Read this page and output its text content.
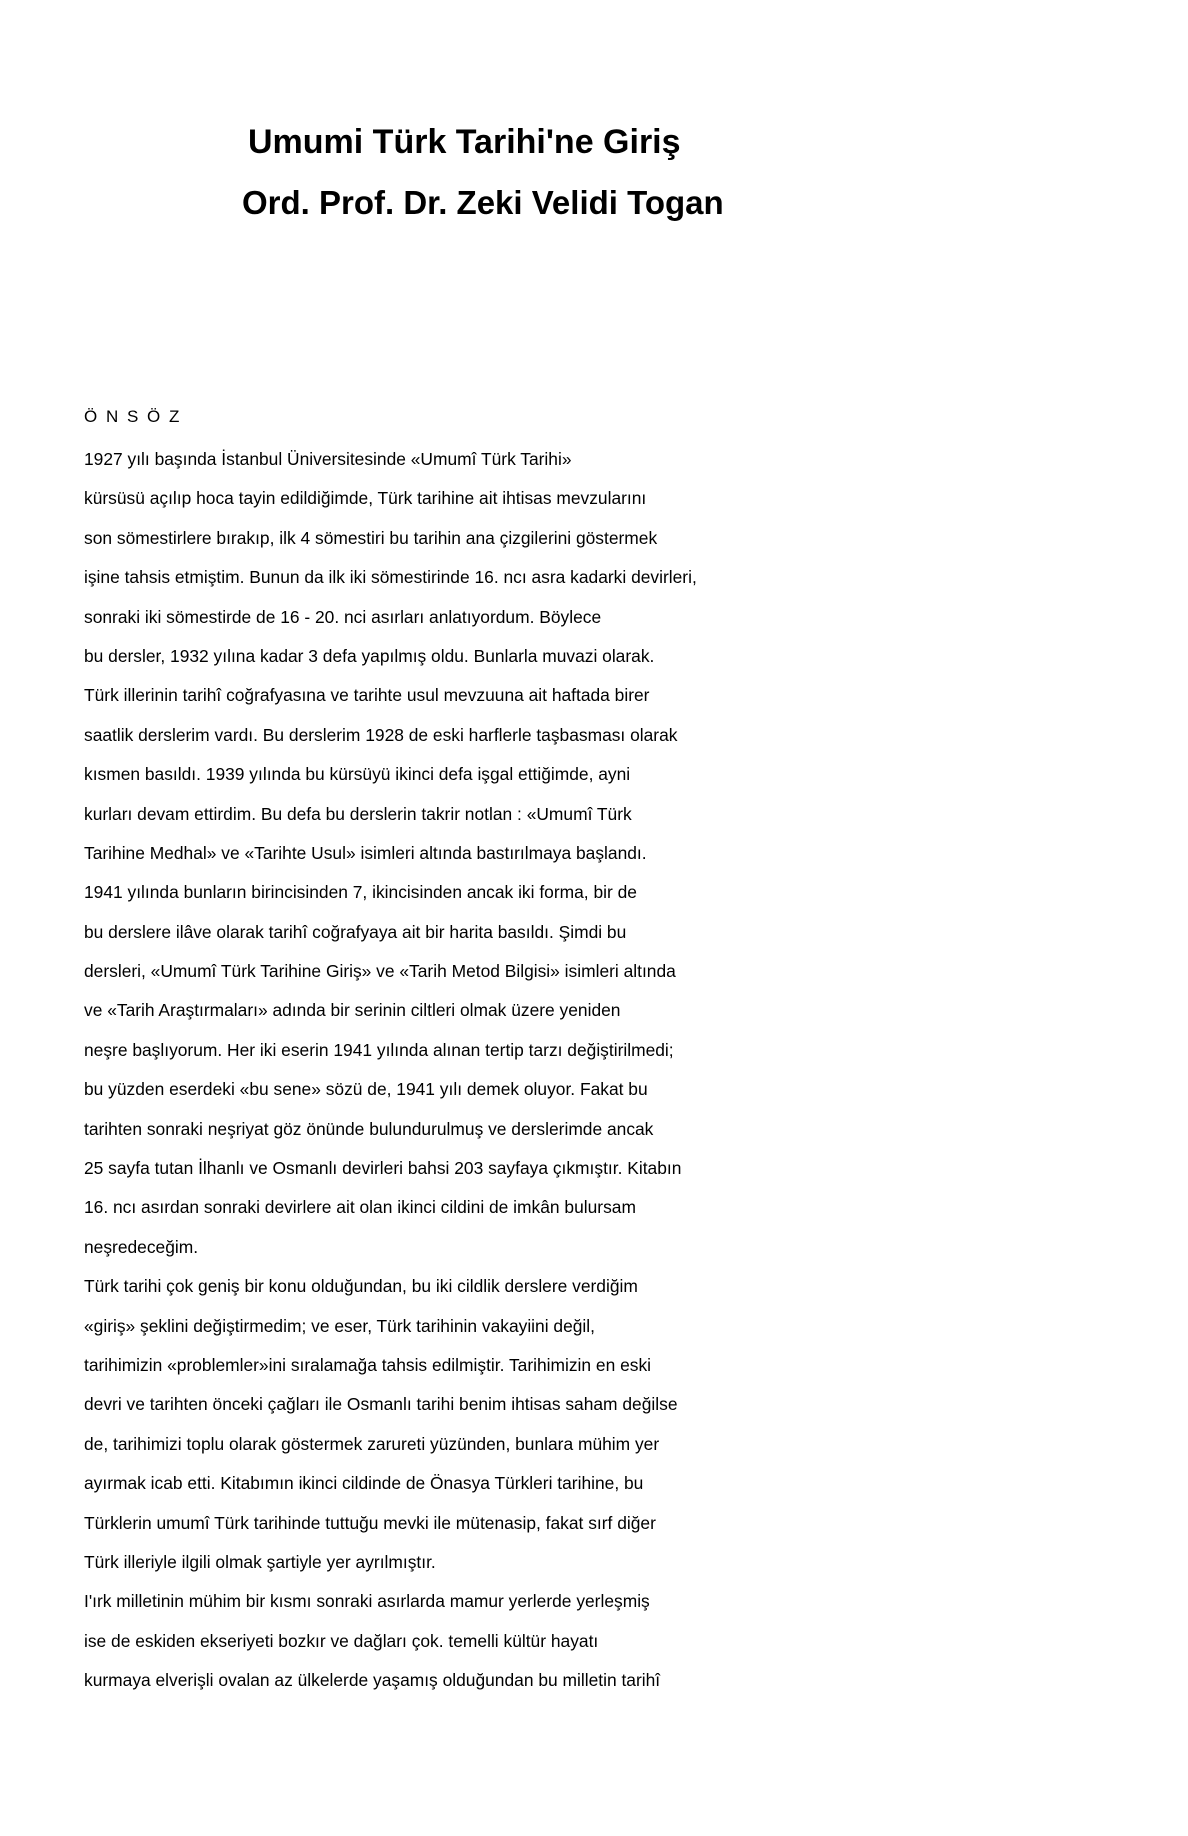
Umumi Türk Tarihi'ne Giriş
Ord. Prof. Dr. Zeki Velidi Togan

Ö N S Ö Z

1927 yılı başında İstanbul Üniversitesinde «Umumî Türk Tarihi»
kürsüsü açılıp hoca tayin edildiğimde, Türk tarihine ait ihtisas mevzularını
son sömestirlere bırakıp, ilk 4 sömestiri bu tarihin ana çizgilerini göstermek
işine tahsis etmiştim. Bunun da ilk iki sömestirinde 16. ncı asra kadarki devirleri,
sonraki iki sömestirde de 16 - 20. nci asırları anlatıyordum. Böylece
bu dersler, 1932 yılına kadar 3 defa yapılmış oldu. Bunlarla muvazi olarak.
Türk illerinin tarihî coğrafyasına ve tarihte usul mevzuuna ait haftada birer
saatlik derslerim vardı. Bu derslerim 1928 de eski harflerle taşbasması olarak
kısmen basıldı. 1939 yılında bu kürsüyü ikinci defa işgal ettiğimde, ayni
kurları devam ettirdim. Bu defa bu derslerin takrir notlan : «Umumî Türk
Tarihine Medhal» ve «Tarihte Usul» isimleri altında bastırılmaya başlandı.
1941 yılında bunların birincisinden 7, ikincisinden ancak iki forma, bir de
bu derslere ilâve olarak tarihî coğrafyaya ait bir harita basıldı. Şimdi bu
dersleri, «Umumî Türk Tarihine Giriş» ve «Tarih Metod Bilgisi» isimleri altında
ve «Tarih Araştırmaları» adında bir serinin ciltleri olmak üzere yeniden
neşre başlıyorum. Her iki eserin 1941 yılında alınan tertip tarzı değiştirilmedi;
bu yüzden eserdeki «bu sene» sözü de, 1941 yılı demek oluyor. Fakat bu
tarihten sonraki neşriyat göz önünde bulundurulmuş ve derslerimde ancak
25 sayfa tutan İlhanlı ve Osmanlı devirleri bahsi 203 sayfaya çıkmıştır. Kitabın
16. ncı asırdan sonraki devirlere ait olan ikinci cildini de imkân bulursam
neşredeceğim.
Türk tarihi çok geniş bir konu olduğundan, bu iki cildlik derslere verdiğim
«giriş» şeklini değiştirmedim; ve eser, Türk tarihinin vakayiini değil,
tarihimizin «problemler»ini sıralamağa tahsis edilmiştir. Tarihimizin en eski
devri ve tarihten önceki çağları ile Osmanlı tarihi benim ihtisas saham değilse
de, tarihimizi toplu olarak göstermek zarureti yüzünden, bunlara mühim yer
ayırmak icab etti. Kitabımın ikinci cildinde de Önasya Türkleri tarihine, bu
Türklerin umumî Türk tarihinde tuttuğu mevki ile mütenasip, fakat sırf diğer
Türk illeriyle ilgili olmak şartiyle yer ayrılmıştır.
I'ırk milletinin mühim bir kısmı sonraki asırlarda mamur yerlerde yerleşmiş
ise de eskiden ekseriyeti bozkır ve dağları çok. temelli kültür hayatı
kurmaya elverişli ovalan az ülkelerde yaşamış olduğundan bu milletin tarihî
